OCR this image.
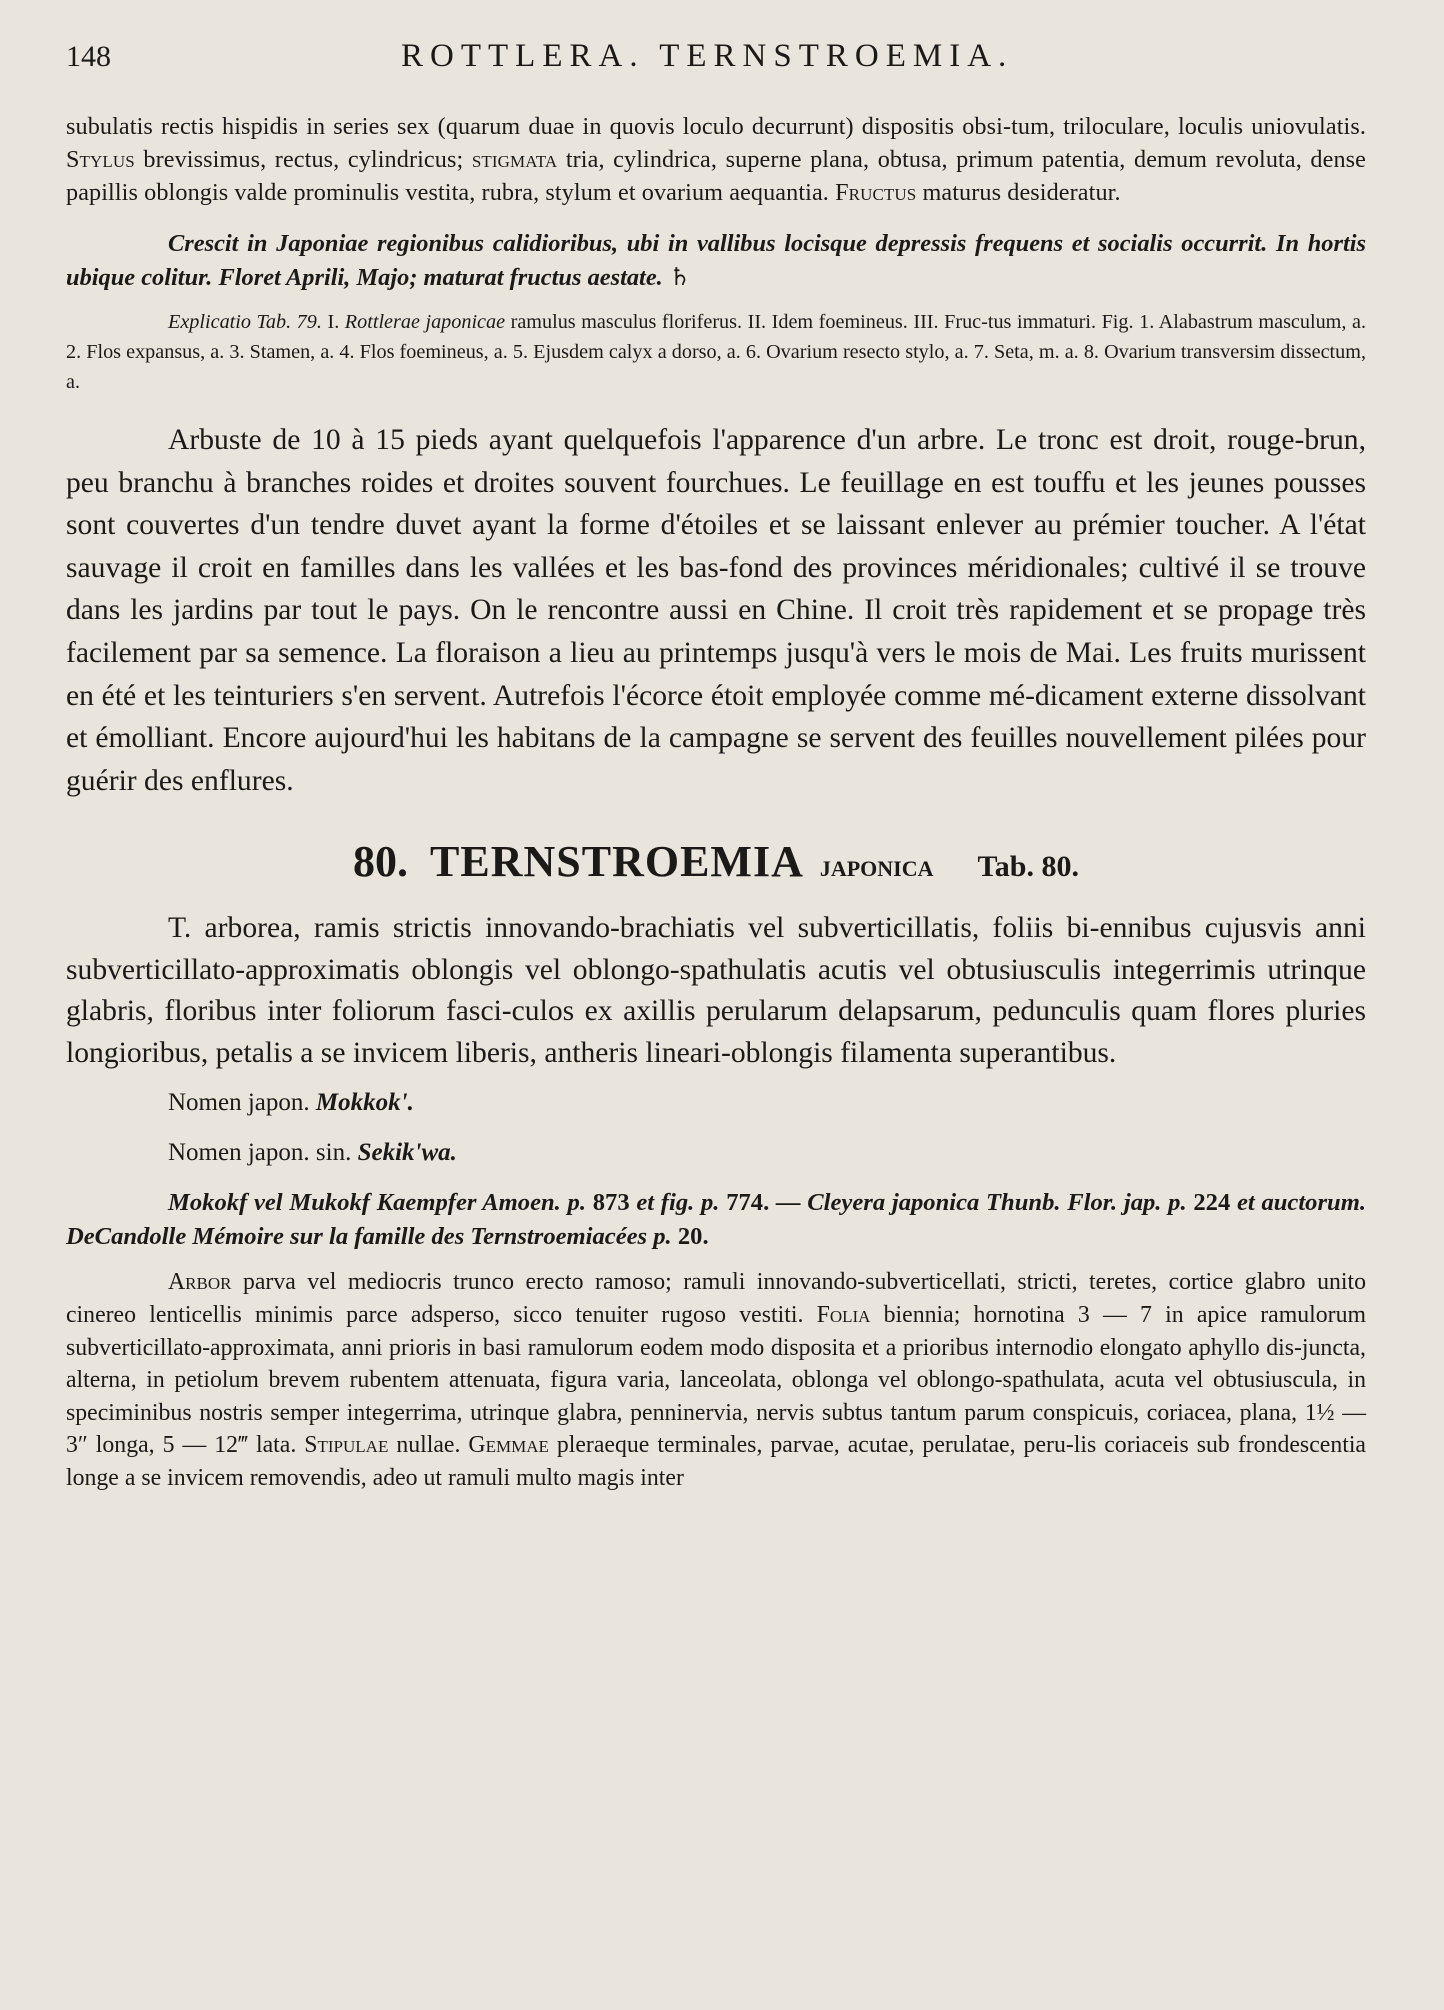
148	ROTTLERA. TERNSTROEMIA.

subulatis rectis hispidis in series sex (quarum duae in quovis loculo decurrunt) dispositis obsi-tum, triloculare, loculis uniovulatis. Stylus brevissimus, rectus, cylindricus; stigmata tria, cylindrica, superne plana, obtusa, primum patentia, demum revoluta, dense papillis oblongis valde prominulis vestita, rubra, stylum et ovarium aequantia. Fructus maturus desideratur.

Crescit in Japoniae regionibus calidioribus, ubi in vallibus locisque depressis frequens et socialis occurrit. In hortis ubique colitur. Floret Aprili, Majo; maturat fructus aestate. ♄

Explicatio Tab. 79. I. Rottlerae japonicae ramulus masculus floriferus. II. Idem foemineus. III. Fruc-tus immaturi. Fig. 1. Alabastrum masculum, a. 2. Flos expansus, a. 3. Stamen, a. 4. Flos foemineus, a. 5. Ejusdem calyx a dorso, a. 6. Ovarium resecto stylo, a. 7. Seta, m. a. 8. Ovarium transversim dissectum, a.

Arbuste de 10 à 15 pieds ayant quelquefois l'apparence d'un arbre. Le tronc est droit, rouge-brun, peu branchu à branches roides et droites souvent fourchues. Le feuillage en est touffu et les jeunes pousses sont couvertes d'un tendre duvet ayant la forme d'étoiles et se laissant enlever au prémier toucher. A l'état sauvage il croit en familles dans les vallées et les bas-fond des provinces méridionales; cultivé il se trouve dans les jardins par tout le pays. On le rencontre aussi en Chine. Il croit très rapidement et se propage très facilement par sa semence. La floraison a lieu au printemps jusqu'à vers le mois de Mai. Les fruits murissent en été et les teinturiers s'en servent. Autrefois l'écorce étoit employée comme mé-dicament externe dissolvant et émolliant. Encore aujourd'hui les habitans de la campagne se servent des feuilles nouvellement pilées pour guérir des enflures.

80. TERNSTROEMIA japonica Tab. 80.

T. arborea, ramis strictis innovando-brachiatis vel subverticillatis, foliis bi-ennibus cujusvis anni subverticillato-approximatis oblongis vel oblongo-spathulatis acutis vel obtusiusculis integerrimis utrinque glabris, floribus inter foliorum fasci-culos ex axillis perularum delapsarum, pedunculis quam flores pluries longioribus, petalis a se invicem liberis, antheris lineari-oblongis filamenta superantibus.

Nomen japon. Mokkok'.

Nomen japon. sin. Sekik'wa.

Mokokf vel Mukokf Kaempfer Amoen. p. 873 et fig. p. 774. — Cleyera japonica Thunb. Flor. jap. p. 224 et auctorum. DeCandolle Mémoire sur la famille des Ternstroemiacées p. 20.

Arbor parva vel mediocris trunco erecto ramoso; ramuli innovando-subverticellati, stricti, teretes, cortice glabro unito cinereo lenticellis minimis parce adsperso, sicco tenuiter rugoso vestiti. Folia biennia; hornotina 3 — 7 in apice ramulorum subverticillato-approximata, anni prioris in basi ramulorum eodem modo disposita et a prioribus internodio elongato aphyllo dis-juncta, alterna, in petiolum brevem rubentem attenuata, figura varia, lanceolata, oblonga vel oblongo-spathulata, acuta vel obtusiuscula, in speciminibus nostris semper integerrima, utrinque glabra, penninervia, nervis subtus tantum parum conspicuis, coriacea, plana, 1½ — 3″ longa, 5 — 12‴ lata. Stipulae nullae. Gemmae pleraeque terminales, parvae, acutae, perulatae, peru-lis coriaceis sub frondescentia longe a se invicem removendis, adeo ut ramuli multo magis inter
